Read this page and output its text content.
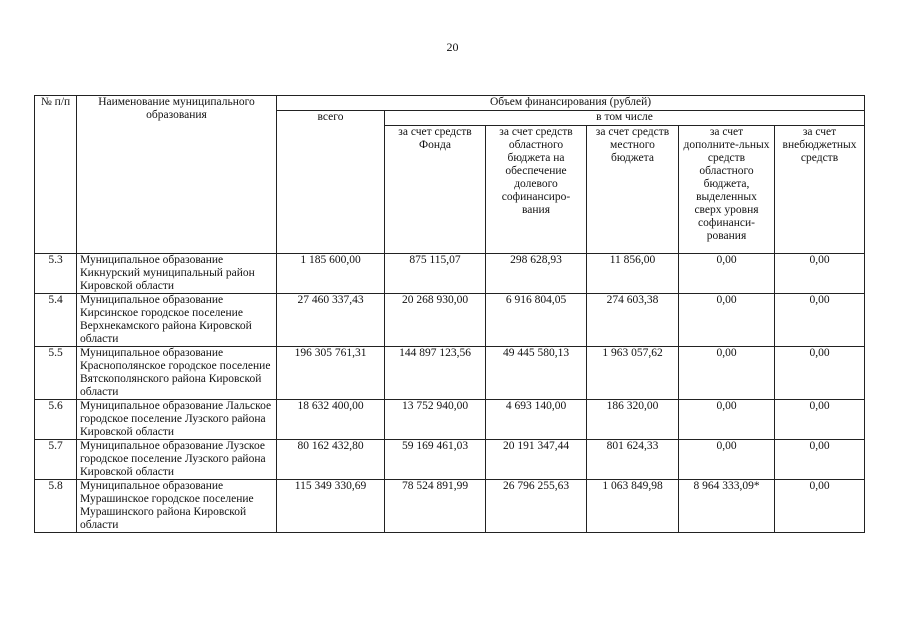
20
№ п/п	Наименование муниципального образования	Объем финансирования (рублей)					
		всего	в том числе				
			за счет средств Фонда	за счет средств областного бюджета на обеспечение долевого софинансиро-вания	за счет средств местного бюджета	за счет дополните-льных средств областного бюджета, выделенных сверх уровня софинанси-рования	за счет внебюджетных средств
5.3	Муниципальное образование Кикнурский муниципальный район Кировской области	1 185 600,00	875 115,07	298 628,93	11 856,00	0,00	0,00
5.4	Муниципальное образование Кирсинское городское поселение Верхнекамского района Кировской области	27 460 337,43	20 268 930,00	6 916 804,05	274 603,38	0,00	0,00
5.5	Муниципальное образование Краснополянское городское поселение Вятскополянского района Кировской области	196 305 761,31	144 897 123,56	49 445 580,13	1 963 057,62	0,00	0,00
5.6	Муниципальное образование Лальское городское поселение Лузского района Кировской области	18 632 400,00	13 752 940,00	4 693 140,00	186 320,00	0,00	0,00
5.7	Муниципальное образование Лузское городское поселение Лузского района Кировской области	80 162 432,80	59 169 461,03	20 191 347,44	801 624,33	0,00	0,00
5.8	Муниципальное образование Мурашинское городское поселение Мурашинского района Кировской области	115 349 330,69	78 524 891,99	26 796 255,63	1 063 849,98	8 964 333,09*	0,00
